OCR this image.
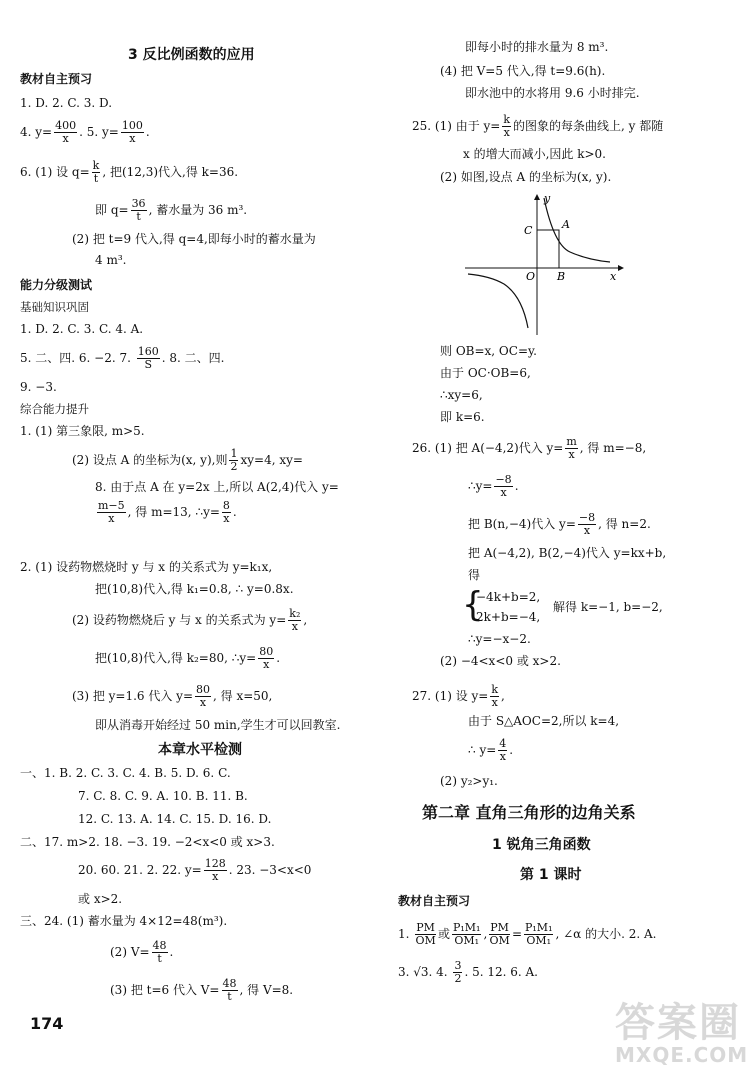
3 反比例函数的应用
教材自主预习
1. D. 2. C. 3. D.
4. $y= \frac{400}{x}$ . 5. $y= \frac{100}{x}$ .
6. (1) 设 $q= \frac{k}{t}$ , 把(12,3)代入,得 k=36.
即 $q= \frac{36}{t}$ , 蓄水量为 36 m³.
(2) 把 t=9 代入,得 q=4,即每小时的蓄水量为
4 m³.
能力分级测试
基础知识巩固
1. D. 2. C. 3. C. 4. A.
5. 二、四. 6. −2. 7. $\frac{160}{S}$ . 8. 二、四.
9. −3.
综合能力提升
1. (1) 第三象限, m>5.
(2) 设点 A 的坐标为(x, y),则 $\frac{1}{2} xy=4$, xy=
8. 由于点 A 在 y=2x 上,所以 A(2,4)代入 y=
$\frac{m-5}{x}$ , 得 m=13, ∴y= $\frac{8}{x}$ .
2. (1) 设药物燃烧时 y 与 x 的关系式为 y=k₁x,
把(10,8)代入,得 k₁=0.8, ∴ y=0.8x.
(2) 设药物燃烧后 y 与 x 的关系式为 $y= \frac{\text{k₂}}{x}$ ,
把(10,8)代入,得 k₂=80, ∴y= $\frac{80}{x}$ .
(3) 把 y=1.6 代入 $y= \frac{80}{x}$ , 得 x=50,
即从消毒开始经过 50 min,学生才可以回教室.
本章水平检测
一、1. B. 2. C. 3. C. 4. B. 5. D. 6. C.
7. C. 8. C. 9. A. 10. B. 11. B.
12. C. 13. A. 14. C. 15. D. 16. D.
二、17. m>2. 18. −3. 19. −2<x<0 或 x>3.
20. 60. 21. 2. 22. $y= \frac{128}{x}$ . 23. −3<x<0
或 x>2.
三、24. (1) 蓄水量为 4×12=48(m³).
(2) $V= \frac{48}{t}$ .
(3) 把 t=6 代入 $V= \frac{48}{t}$ , 得 V=8.
即每小时的排水量为 8 m³.
(4) 把 V=5 代入,得 t=9.6(h).
即水池中的水将用 9.6 小时排完.
25. (1) 由于 $y= \frac{k}{x}$ 的图象的每条曲线上, y 都随
x 的增大而减小,因此 k>0.
(2) 如图,设点 A 的坐标为(x, y).
y
A
C
O B	x
则 OB=x, OC=y.
由于 OC·OB=6,
∴xy=6,
即 k=6.
26. (1) 把 A(−4,2)代入 $y= \frac{m}{x}$ , 得 m=−8,
∴y= $\frac{-8}{x}$ .
把 B(n,−4)代入 $y= \frac{-8}{x}$ , 得 n=2.
把 A(−4,2), B(2,−4)代入 y=kx+b,
得
{
−4k+b=2,
2k+b=−4,
解得 k=−1, b=−2,
∴y=−x−2.
(2) −4<x<0 或 x>2.
27. (1) 设 $y= \frac{k}{x}$ ,
由于 S△AOC=2,所以 k=4,
∴ $y= \frac{4}{x}$ .
(2) y₂>y₁.
第二章 直角三角形的边角关系
1 锐角三角函数
第 1 课时
教材自主预习
1. $\frac{PM}{OM}$ 或 $\frac{\text{P₁M₁}}{\text{OM₁}}$ , $\frac{PM}{OM} = \frac{\text{P₁M₁}}{\text{OM₁}}$ , ∠α 的大小. 2. A.
3. √3. 4. $\frac{3}{2}$ . 5. 12. 6. A.
174	答案圈
MXQE.COM
